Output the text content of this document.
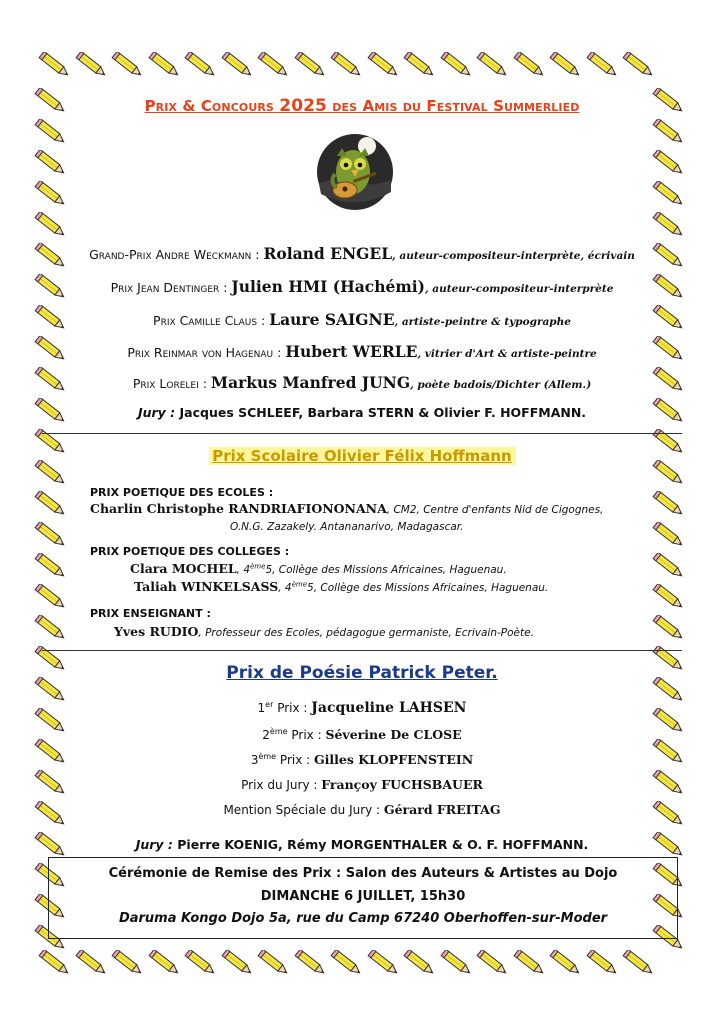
Prix & Concours 2025 des Amis du Festival Summerlied
Grand-Prix Andre Weckmann : Roland ENGEL, auteur-compositeur-interprète, écrivain
Prix Jean Dentinger : Julien HMI (Hachémi), auteur-compositeur-interprète
Prix Camille Claus : Laure SAIGNE, artiste-peintre & typographe
Prix Reinmar von Hagenau : Hubert WERLE, vitrier d'Art & artiste-peintre
Prix Lorelei : Markus Manfred JUNG, poète badois/Dichter (Allem.)
Jury : Jacques SCHLEEF, Barbara STERN & Olivier F. HOFFMANN.
Prix Scolaire Olivier Félix Hoffmann
PRIX POETIQUE DES ECOLES :
Charlin Christophe RANDRIAFIONONANA, CM2, Centre d'enfants Nid de Cigognes,
O.N.G. Zazakely. Antananarivo, Madagascar.
PRIX POETIQUE DES COLLEGES :
Clara MOCHEL, 4ème5, Collège des Missions Africaines, Haguenau.
Taliah WINKELSASS, 4ème5, Collège des Missions Africaines, Haguenau.
PRIX ENSEIGNANT :
Yves RUDIO, Professeur des Ecoles, pédagogue germaniste, Ecrivain-Poète.
Prix de Poésie Patrick Peter.
1er Prix : Jacqueline LAHSEN
2ème Prix : Séverine De CLOSE
3ème Prix : Gilles KLOPFENSTEIN
Prix du Jury : Françoy FUCHSBAUER
Mention Spéciale du Jury : Gérard FREITAG
Jury : Pierre KOENIG, Rémy MORGENTHALER & O. F. HOFFMANN.
Cérémonie de Remise des Prix : Salon des Auteurs & Artistes au Dojo
DIMANCHE 6 JUILLET, 15h30
Daruma Kongo Dojo 5a, rue du Camp 67240 Oberhoffen-sur-Moder
